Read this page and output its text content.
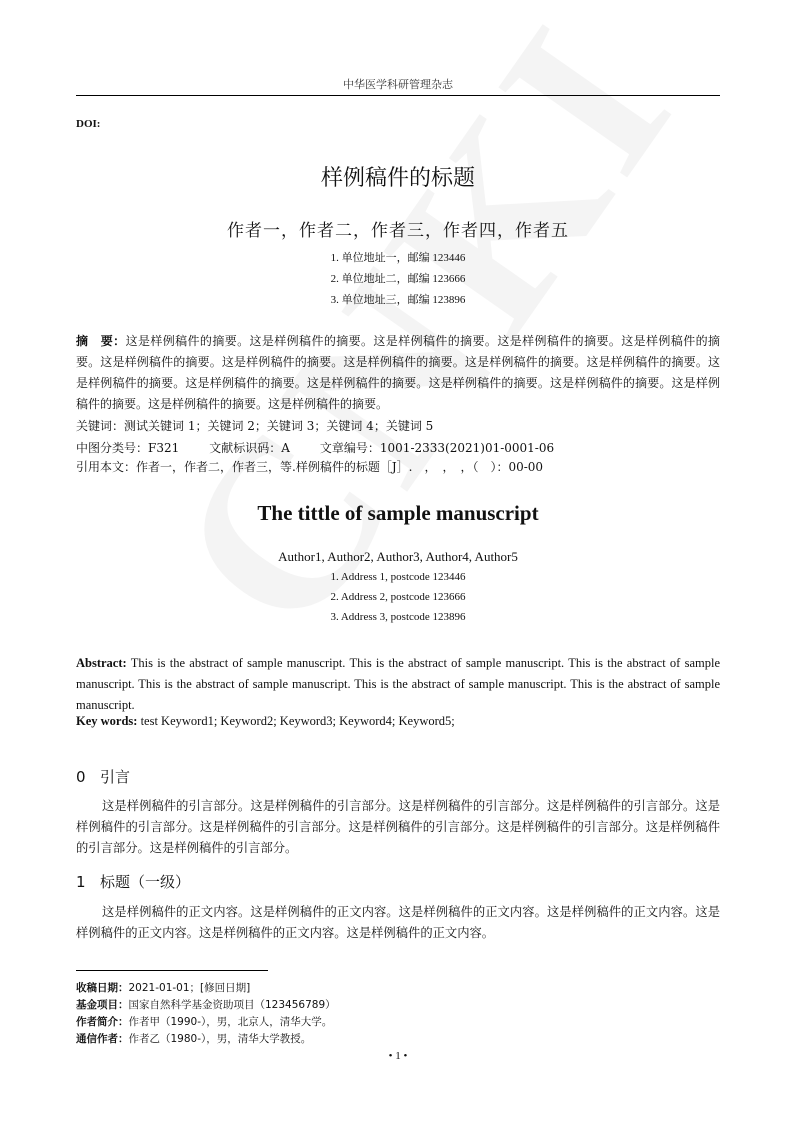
中华医学科研管理杂志
DOI:
样例稿件的标题
作者一，作者二，作者三，作者四，作者五
1. 单位地址一，邮编 123446
2. 单位地址二，邮编 123666
3. 单位地址三，邮编 123896
摘　要：这是样例稿件的摘要。这是样例稿件的摘要。这是样例稿件的摘要。这是样例稿件的摘要。这是样例稿件的摘要。这是样例稿件的摘要。这是样例稿件的摘要。这是样例稿件的摘要。这是样例稿件的摘要。这是样例稿件的摘要。这是样例稿件的摘要。这是样例稿件的摘要。这是样例稿件的摘要。这是样例稿件的摘要。这是样例稿件的摘要。这是样例稿件的摘要。这是样例稿件的摘要。这是样例稿件的摘要。
关键词：测试关键词 1；关键词 2；关键词 3；关键词 4；关键词 5
中图分类号：F321	文献标识码：A	文章编号：1001-2333(2021)01-0001-06
引用本文：作者一，作者二，作者三，等.样例稿件的标题［J］.　，　，　，（　）：00-00
The tittle of sample manuscript
Author1, Author2, Author3, Author4, Author5
1. Address 1, postcode 123446
2. Address 2, postcode 123666
3. Address 3, postcode 123896
Abstract: This is the abstract of sample manuscript. This is the abstract of sample manuscript. This is the abstract of sample manuscript. This is the abstract of sample manuscript. This is the abstract of sample manuscript. This is the abstract of sample manuscript.
Key words: test Keyword1; Keyword2; Keyword3; Keyword4; Keyword5;
0 引言
这是样例稿件的引言部分。这是样例稿件的引言部分。这是样例稿件的引言部分。这是样例稿件的引言部分。这是样例稿件的引言部分。这是样例稿件的引言部分。这是样例稿件的引言部分。这是样例稿件的引言部分。这是样例稿件的引言部分。这是样例稿件的引言部分。
1 标题（一级）
这是样例稿件的正文内容。这是样例稿件的正文内容。这是样例稿件的正文内容。这是样例稿件的正文内容。这是样例稿件的正文内容。这是样例稿件的正文内容。这是样例稿件的正文内容。
收稿日期：2021-01-01；[修回日期]
基金项目：国家自然科学基金资助项目（123456789）
作者简介：作者甲（1990-），男，北京人，清华大学。
通信作者：作者乙（1980-），男，清华大学教授。
• 1 •
